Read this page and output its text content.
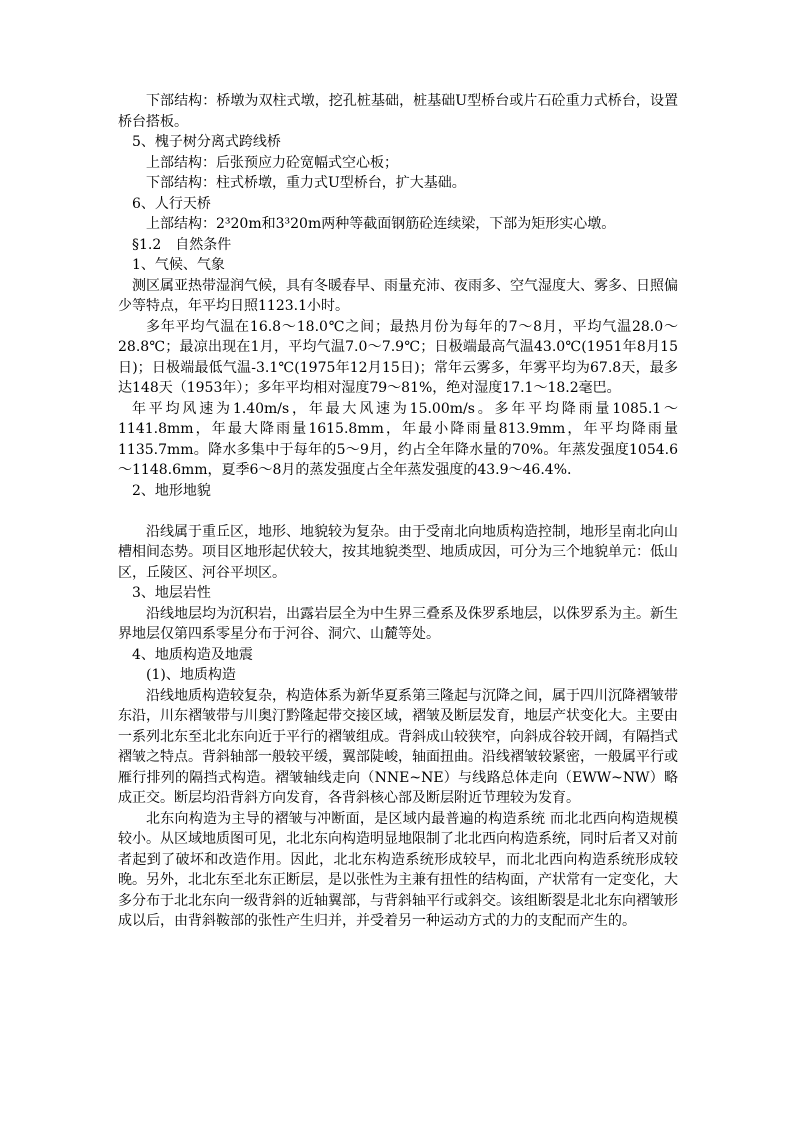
下部结构：桥墩为双柱式墩，挖孔桩基础，桩基础U型桥台或片石砼重力式桥台，设置桥台搭板。

5、槐子树分离式跨线桥

上部结构：后张预应力砼宽幅式空心板；

下部结构：柱式桥墩，重力式U型桥台，扩大基础。

6、人行天桥

上部结构：2³20m和3³20m两种等截面钢筋砼连续梁，下部为矩形实心墩。

§1.2　自然条件

1、气候、气象

测区属亚热带湿润气候，具有冬暖春早、雨量充沛、夜雨多、空气湿度大、雾多、日照偏少等特点，年平均日照1123.1小时。

多年平均气温在16.8～18.0℃之间；最热月份为每年的7～8月，平均气温28.0～28.8℃；最凉出现在1月，平均气温7.0～7.9℃；日极端最高气温43.0℃(1951年8月15日)；日极端最低气温-3.1℃(1975年12月15日)；常年云雾多，年雾平均为67.8天，最多达148天（1953年）；多年平均相对湿度79～81%，绝对湿度17.1～18.2毫巴。

年平均风速为1.40m/s，年最大风速为15.00m/s。多年平均降雨量1085.1～1141.8mm，年最大降雨量1615.8mm，年最小降雨量813.9mm，年平均降雨量1135.7mm。降水多集中于每年的5～9月，约占全年降水量的70%。年蒸发强度1054.6～1148.6mm，夏季6～8月的蒸发强度占全年蒸发强度的43.9～46.4%.

2、地形地貌

沿线属于重丘区，地形、地貌较为复杂。由于受南北向地质构造控制，地形呈南北向山槽相间态势。项目区地形起伏较大，按其地貌类型、地质成因，可分为三个地貌单元：低山区，丘陵区、河谷平坝区。

3、地层岩性

沿线地层均为沉积岩，出露岩层全为中生界三叠系及侏罗系地层，以侏罗系为主。新生界地层仅第四系零星分布于河谷、洞穴、山麓等处。

4、地质构造及地震

(1)、地质构造

沿线地质构造较复杂，构造体系为新华夏系第三隆起与沉降之间，属于四川沉降褶皱带东沿，川东褶皱带与川奥汀黔隆起带交接区域，褶皱及断层发育，地层产状变化大。主要由一系列北东至北北东向近于平行的褶皱组成。背斜成山较狭窄，向斜成谷较开阔，有隔挡式褶皱之特点。背斜轴部一般较平缓，翼部陡峻，轴面扭曲。沿线褶皱较紧密，一般属平行或雁行排列的隔挡式构造。褶皱轴线走向（NNE~NE）与线路总体走向（EWW~NW）略成正交。断层均沿背斜方向发育，各背斜核心部及断层附近节理较为发育。

北东向构造为主导的褶皱与冲断面，是区域内最普遍的构造系统 而北北西向构造规模较小。从区域地质图可见，北北东向构造明显地限制了北北西向构造系统，同时后者又对前者起到了破坏和改造作用。因此，北北东构造系统形成较早，而北北西向构造系统形成较晚。另外，北北东至北东正断层，是以张性为主兼有扭性的结构面，产状常有一定变化，大多分布于北北东向一级背斜的近轴翼部，与背斜轴平行或斜交。该组断裂是北北东向褶皱形成以后，由背斜鞍部的张性产生归并，并受着另一种运动方式的力的支配而产生的。
